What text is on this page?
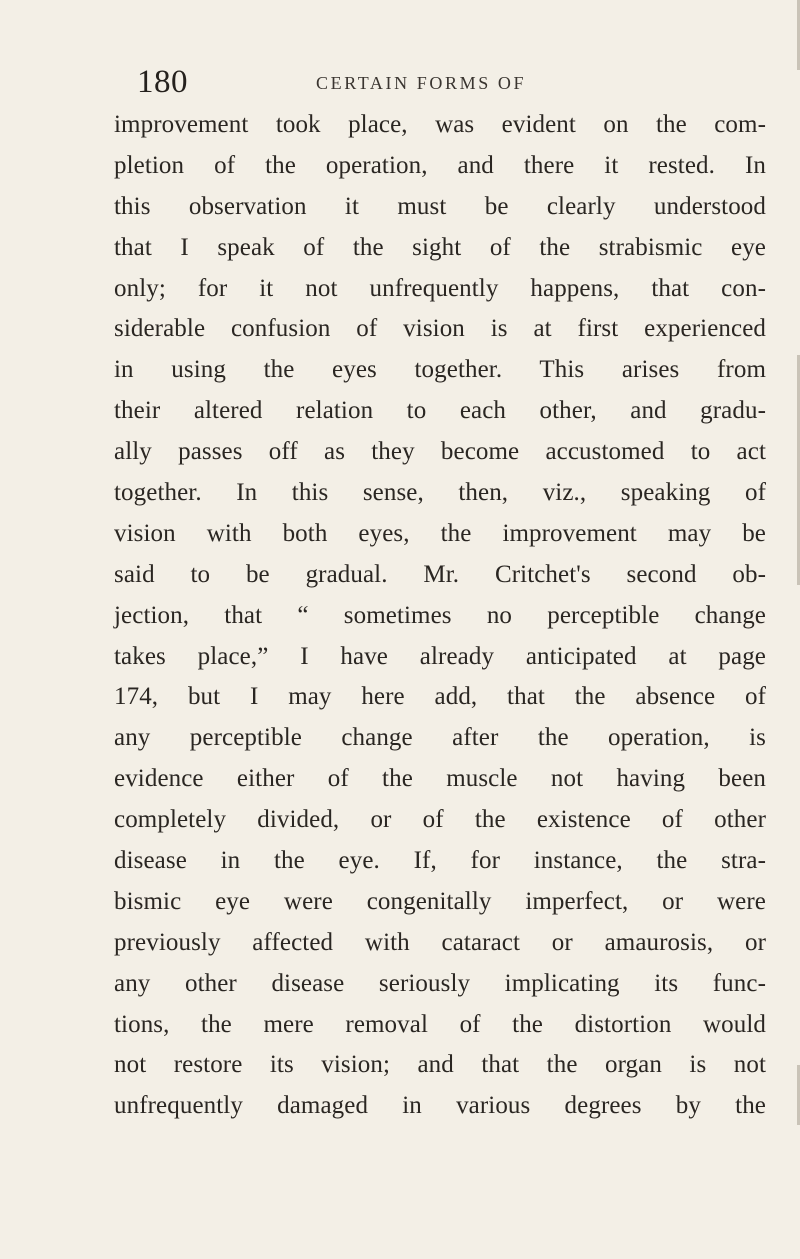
180	CERTAIN FORMS OF
improvement took place, was evident on the com-
pletion of the operation, and there it rested. In
this observation it must be clearly understood
that I speak of the sight of the strabismic eye
only; for it not unfrequently happens, that con-
siderable confusion of vision is at first experienced
in using the eyes together. This arises from
their altered relation to each other, and gradu-
ally passes off as they become accustomed to act
together. In this sense, then, viz., speaking of
vision with both eyes, the improvement may be
said to be gradual. Mr. Critchet's second ob-
jection, that “ sometimes no perceptible change
takes place,” I have already anticipated at page
174, but I may here add, that the absence of
any perceptible change after the operation, is
evidence either of the muscle not having been
completely divided, or of the existence of other
disease in the eye. If, for instance, the stra-
bismic eye were congenitally imperfect, or were
previously affected with cataract or amaurosis, or
any other disease seriously implicating its func-
tions, the mere removal of the distortion would
not restore its vision; and that the organ is not
unfrequently damaged in various degrees by the
